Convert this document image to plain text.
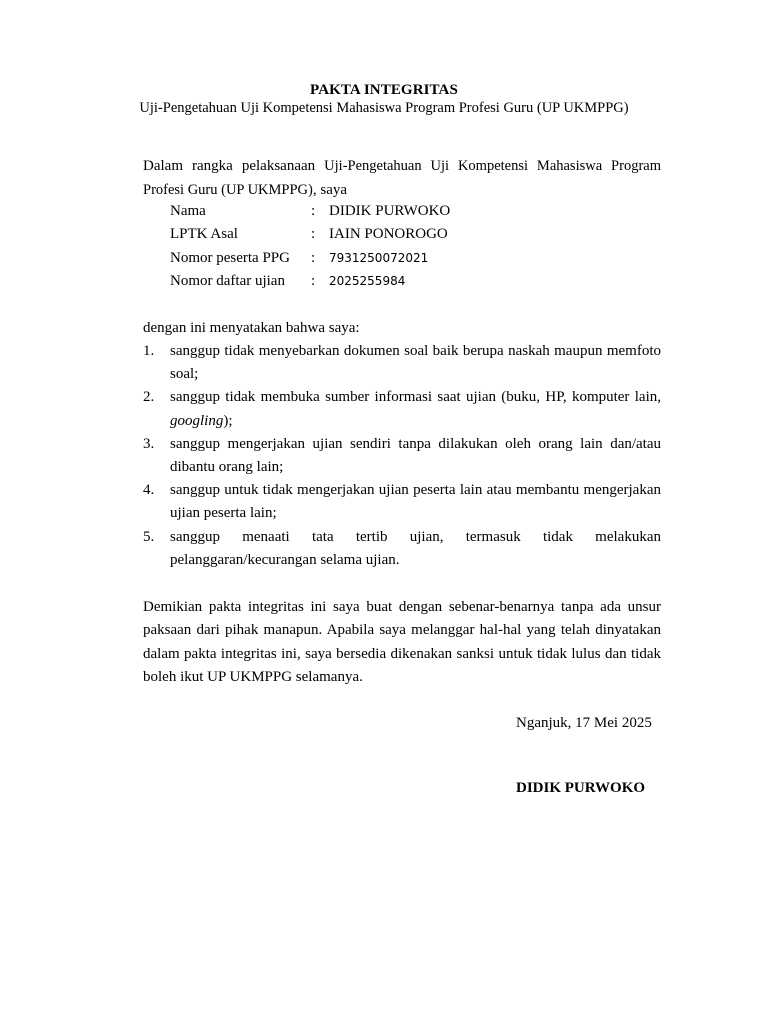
PAKTA INTEGRITAS
Uji-Pengetahuan Uji Kompetensi Mahasiswa Program Profesi Guru (UP UKMPPG)
Dalam rangka pelaksanaan Uji-Pengetahuan Uji Kompetensi Mahasiswa Program Profesi Guru (UP UKMPPG), saya
Nama	: DIDIK PURWOKO
LPTK Asal	: IAIN PONOROGO
Nomor peserta PPG : 7931250072021
Nomor daftar ujian : 2025255984
dengan ini menyatakan bahwa saya:
1. sanggup tidak menyebarkan dokumen soal baik berupa naskah maupun memfoto soal;
2. sanggup tidak membuka sumber informasi saat ujian (buku, HP, komputer lain, googling);
3. sanggup mengerjakan ujian sendiri tanpa dilakukan oleh orang lain dan/atau dibantu orang lain;
4. sanggup untuk tidak mengerjakan ujian peserta lain atau membantu mengerjakan ujian peserta lain;
5. sanggup menaati tata tertib ujian, termasuk tidak melakukan
pelanggaran/kecurangan selama ujian.
Demikian pakta integritas ini saya buat dengan sebenar-benarnya tanpa ada unsur paksaan dari pihak manapun. Apabila saya melanggar hal-hal yang telah dinyatakan dalam pakta integritas ini, saya bersedia dikenakan sanksi untuk tidak lulus dan tidak boleh ikut UP UKMPPG selamanya.
Nganjuk, 17 Mei 2025
DIDIK PURWOKO
